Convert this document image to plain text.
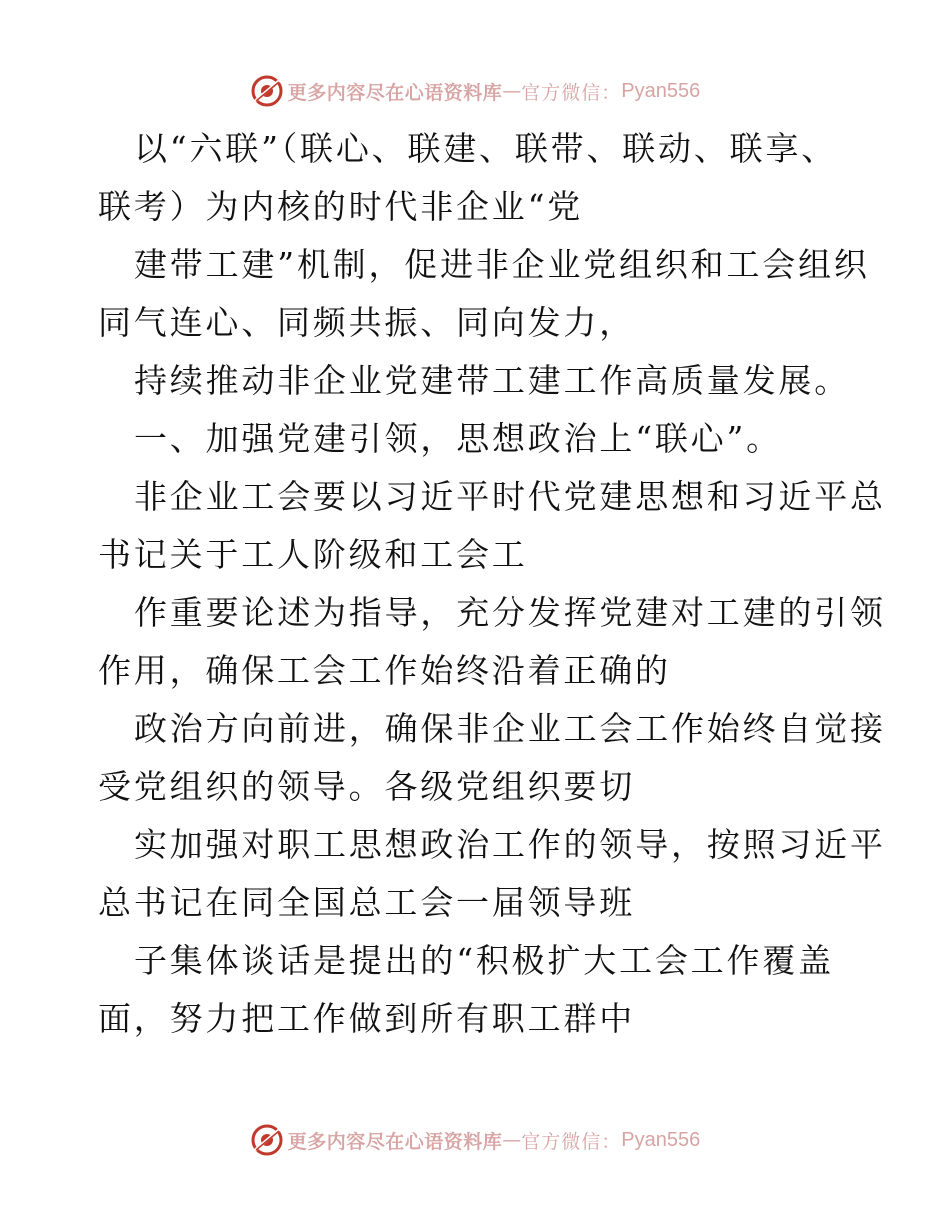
更多内容尽在心语资料库 — 官方微信： Pyan556

以“六联”（联心、联建、联带、联动、联享、
联考）为内核的时代非企业“党

建带工建”机制，促进非企业党组织和工会组织
同气连心、同频共振、同向发力，

持续推动非企业党建带工建工作高质量发展。

一、加强党建引领，思想政治上“联心”。

非企业工会要以习近平时代党建思想和习近平总
书记关于工人阶级和工会工

作重要论述为指导，充分发挥党建对工建的引领
作用，确保工会工作始终沿着正确的

政治方向前进，确保非企业工会工作始终自觉接
受党组织的领导。各级党组织要切

实加强对职工思想政治工作的领导，按照习近平
总书记在同全国总工会一届领导班

子集体谈话是提出的“积极扩大工会工作覆盖
面，努力把工作做到所有职工群中

更多内容尽在心语资料库 — 官方微信： Pyan556
